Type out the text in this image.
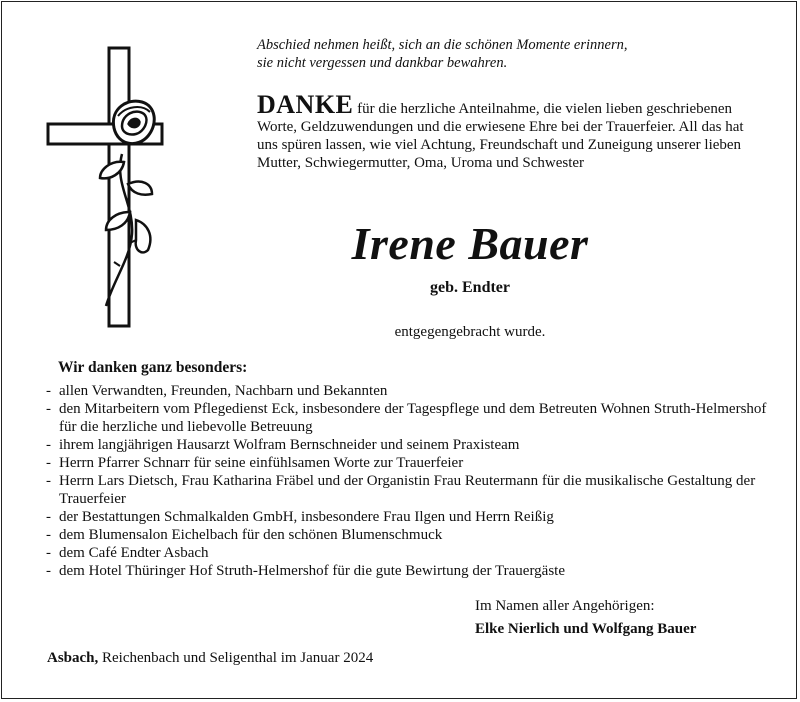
Abschied nehmen heißt, sich an die schönen Momente erinnern,
sie nicht vergessen und dankbar bewahren.
DANKE für die herzliche Anteilnahme, die vielen lieben geschriebenen Worte, Geldzuwendungen und die erwiesene Ehre bei der Trauerfeier. All das hat uns spüren lassen, wie viel Achtung, Freundschaft und Zuneigung unserer lieben Mutter, Schwiegermutter, Oma, Uroma und Schwester
Irene Bauer
geb. Endter
entgegengebracht wurde.
Wir danken ganz besonders:
- allen Verwandten, Freunden, Nachbarn und Bekannten
- den Mitarbeitern vom Pflegedienst Eck, insbesondere der Tagespflege und dem Betreuten Wohnen Struth-Helmershof für die herzliche und liebevolle Betreuung
- ihrem langjährigen Hausarzt Wolfram Bernschneider und seinem Praxisteam
- Herrn Pfarrer Schnarr für seine einfühlsamen Worte zur Trauerfeier
- Herrn Lars Dietsch, Frau Katharina Fräbel und der Organistin Frau Reutermann für die musikalische Gestaltung der Trauerfeier
- der Bestattungen Schmalkalden GmbH, insbesondere Frau Ilgen und Herrn Reißig
- dem Blumensalon Eichelbach für den schönen Blumenschmuck
- dem Café Endter Asbach
- dem Hotel Thüringer Hof Struth-Helmershof für die gute Bewirtung der Trauergäste
Im Namen aller Angehörigen:
Elke Nierlich und Wolfgang Bauer
Asbach, Reichenbach und Seligenthal im Januar 2024
